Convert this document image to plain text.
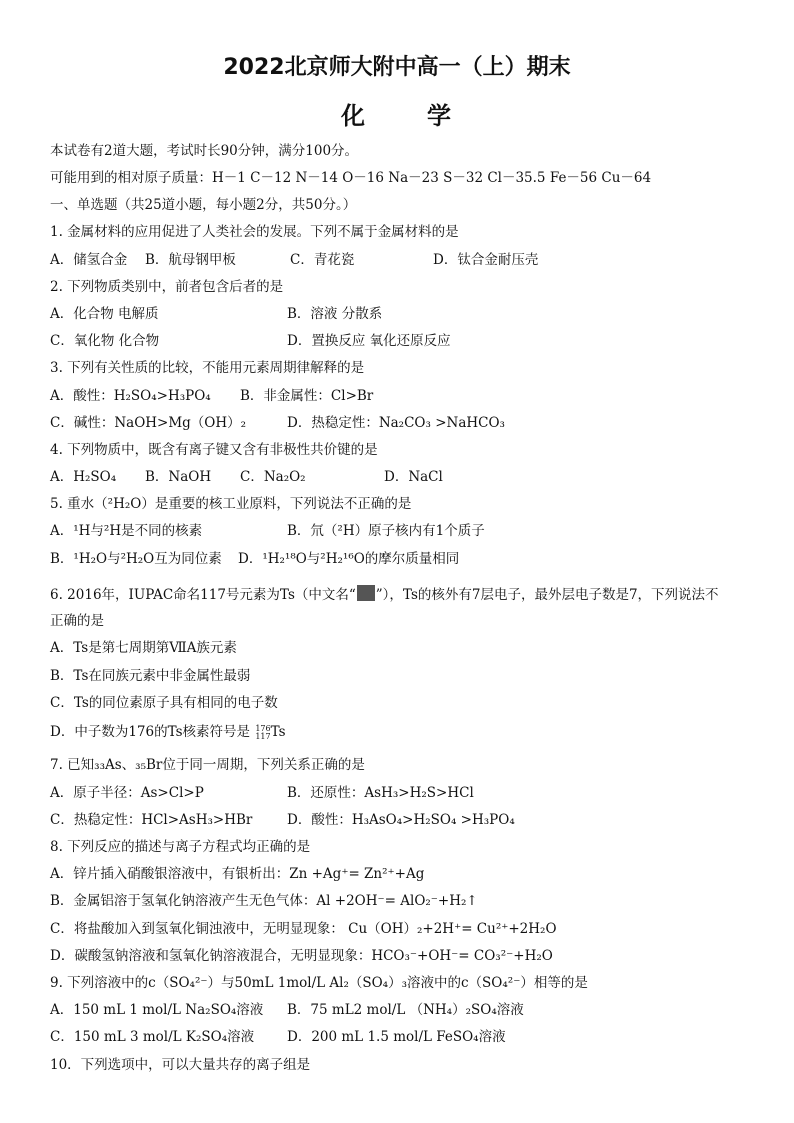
2022北京师大附中高一（上）期末
化	学
本试卷有2道大题，考试时长90分钟，满分100分。
可能用到的相对原子质量：H－1 C－12 N－14 O－16 Na－23 S－32 Cl－35.5 Fe－56 Cu－64
一、单选题（共25道小题，每小题2分，共50分。）
1. 金属材料的应用促进了人类社会的发展。下列不属于金属材料的是
A．储氢合金 B．航母钢甲板	C．青花瓷	D．钛合金耐压壳
2. 下列物质类别中，前者包含后者的是
A．化合物 电解质	B．溶液 分散系
C．氧化物 化合物	D．置换反应 氧化还原反应
3. 下列有关性质的比较，不能用元素周期律解释的是
A．酸性：H₂SO₄>H₃PO₄ B．非金属性：Cl>Br
C．碱性：NaOH>Mg（OH）₂	D．热稳定性：Na₂CO₃ >NaHCO₃
4. 下列物质中，既含有离子键又含有非极性共价键的是
A．H₂SO₄ B．NaOH C．Na₂O₂	D．NaCl
5. 重水（²H₂O）是重要的核工业原料，下列说法不正确的是
A．¹H与²H是不同的核素	B．氘（²H）原子核内有1个质子
B．¹H₂O与²H₂O互为同位素 D．¹H₂¹⁸O与²H₂¹⁶O的摩尔质量相同
6. 2016年，IUPAC命名117号元素为Ts（中文名“ ”），Ts的核外有7层电子，最外层电子数是7，下列说法不
正确的是
A．Ts是第七周期第ⅦA族元素
B．Ts在同族元素中非金属性最弱
C．Ts的同位素原子具有相同的电子数
D．中子数为176的Ts核素符号是 176
117 Ts
7. 已知₃₃As、₃₅Br位于同一周期，下列关系正确的是
A．原子半径：As>Cl>P	B．还原性：AsH₃>H₂S>HCl
C．热稳定性：HCl>AsH₃>HBr	D．酸性：H₃AsO₄>H₂SO₄ >H₃PO₄
8. 下列反应的描述与离子方程式均正确的是
A．锌片插入硝酸银溶液中，有银析出：Zn +Ag⁺= Zn²⁺+Ag
B．金属铝溶于氢氧化钠溶液产生无色气体：Al +2OH⁻= AlO₂⁻+H₂↑
C．将盐酸加入到氢氧化铜浊液中，无明显现象： Cu（OH）₂+2H⁺= Cu²⁺+2H₂O
D．碳酸氢钠溶液和氢氧化钠溶液混合，无明显现象：HCO₃⁻+OH⁻= CO₃²⁻+H₂O
9. 下列溶液中的c（SO₄²⁻）与50mL 1mol/L Al₂（SO₄）₃溶液中的c（SO₄²⁻）相等的是
A．150 mL 1 mol/L Na₂SO₄溶液 B．75 mL2 mol/L （NH₄）₂SO₄溶液
C．150 mL 3 mol/L K₂SO₄溶液 D．200 mL 1.5 mol/L FeSO₄溶液
10．下列选项中，可以大量共存的离子组是
